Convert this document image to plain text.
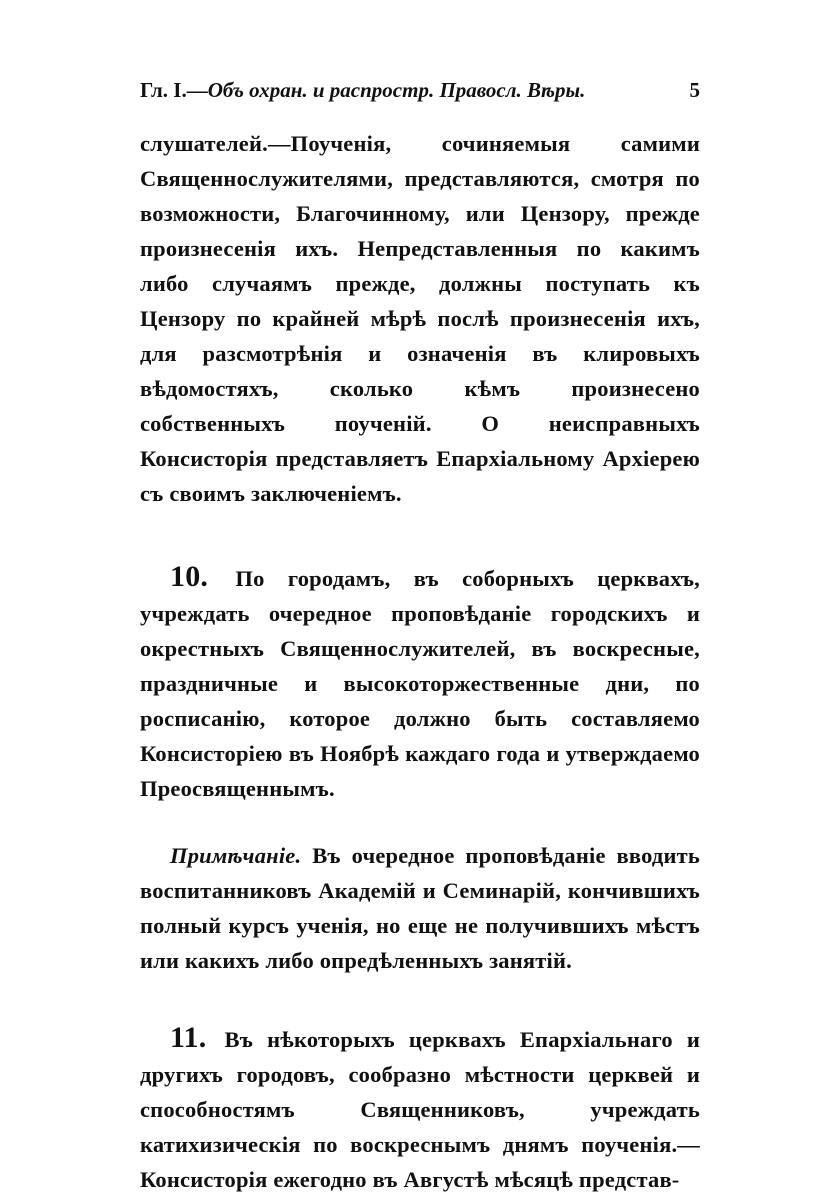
Гл. I.—Объ охран. и распростр. Правосл. Вѣры.	5

слушателей.—Поученія, сочиняемыя самими Священнослужителями, представляются, смотря по возможности, Благочинному, или Цензору, прежде произнесенія ихъ. Непредставленныя по какимъ либо случаямъ прежде, должны поступать къ Цензору по крайней мѣрѣ послѣ произнесенія ихъ, для разсмотрѣнія и означенія въ клировыхъ вѣдомостяхъ, сколько кѣмъ произнесено собственныхъ поученій. О неисправныхъ Консисторія представляетъ Епархіальному Архіерею съ своимъ заключеніемъ.

10. По городамъ, въ соборныхъ церквахъ, учреждать очередное проповѣданіе городскихъ и окрестныхъ Священнослужителей, въ воскресные, праздничные и высокоторжественные дни, по росписанію, которое должно быть составляемо Консисторіею въ Ноябрѣ каждаго года и утверждаемо Преосвященнымъ.

Примѣчаніе. Въ очередное проповѣданіе вводить воспитанниковъ Академій и Семинарій, кончившихъ полный курсъ ученія, но еще не получившихъ мѣстъ или какихъ либо опредѣленныхъ занятій.

11. Въ нѣкоторыхъ церквахъ Епархіальнаго и другихъ городовъ, сообразно мѣстности церквей и способностямъ Священниковъ, учреждать катихизическія по воскреснымъ днямъ поученія.—Консисторія ежегодно въ Августѣ мѣсяцѣ представ-
